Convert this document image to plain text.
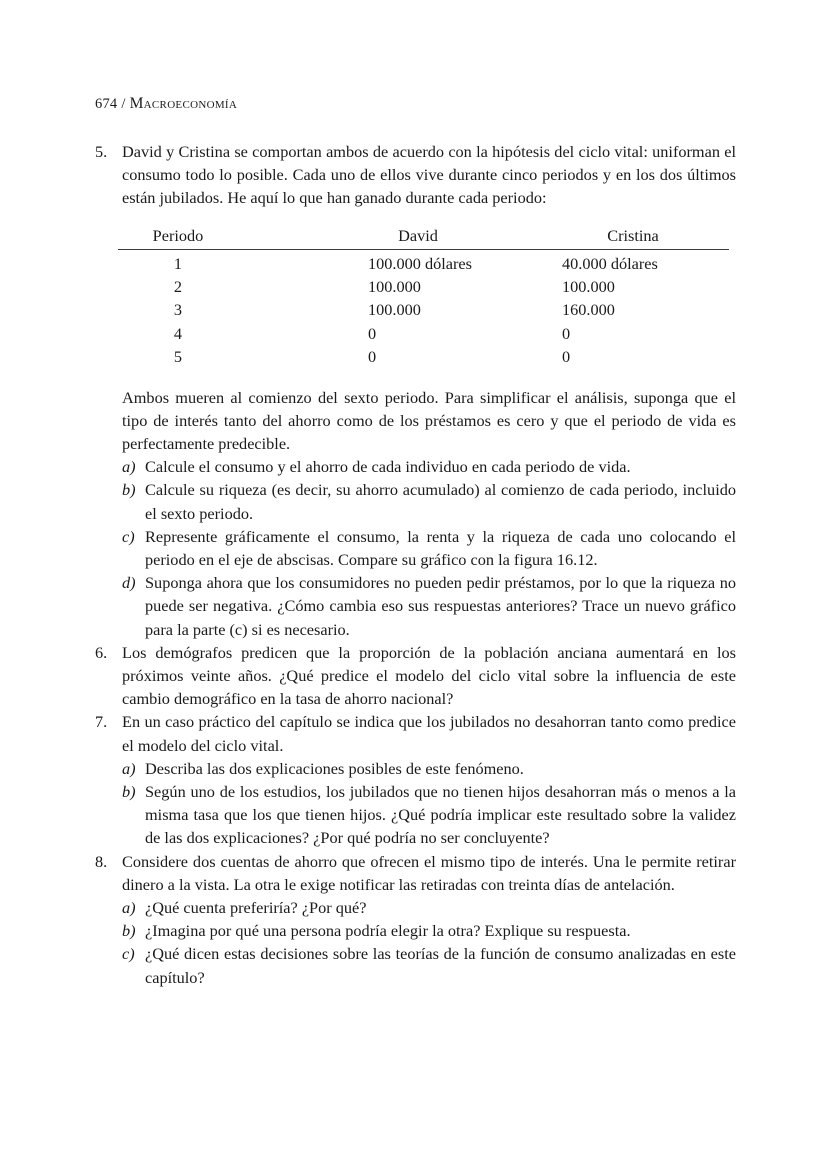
674 / Macroeconomía
5. David y Cristina se comportan ambos de acuerdo con la hipótesis del ciclo vital: uniforman el consumo todo lo posible. Cada uno de ellos vive durante cinco periodos y en los dos últimos están jubilados. He aquí lo que han ganado durante cada periodo:
Periodo	David	Cristina
1	100.000 dólares	40.000 dólares
2	100.000	100.000
3	100.000	160.000
4	0	0
5	0	0
Ambos mueren al comienzo del sexto periodo. Para simplificar el análisis, suponga que el tipo de interés tanto del ahorro como de los préstamos es cero y que el periodo de vida es perfectamente predecible.
a) Calcule el consumo y el ahorro de cada individuo en cada periodo de vida.
b) Calcule su riqueza (es decir, su ahorro acumulado) al comienzo de cada periodo, incluido el sexto periodo.
c) Represente gráficamente el consumo, la renta y la riqueza de cada uno colocando el periodo en el eje de abscisas. Compare su gráfico con la figura 16.12.
d) Suponga ahora que los consumidores no pueden pedir préstamos, por lo que la riqueza no puede ser negativa. ¿Cómo cambia eso sus respuestas anteriores? Trace un nuevo gráfico para la parte (c) si es necesario.
6. Los demógrafos predicen que la proporción de la población anciana aumentará en los próximos veinte años. ¿Qué predice el modelo del ciclo vital sobre la influencia de este cambio demográfico en la tasa de ahorro nacional?
7. En un caso práctico del capítulo se indica que los jubilados no desahorran tanto como predice el modelo del ciclo vital.
a) Describa las dos explicaciones posibles de este fenómeno.
b) Según uno de los estudios, los jubilados que no tienen hijos desahorran más o menos a la misma tasa que los que tienen hijos. ¿Qué podría implicar este resultado sobre la validez de las dos explicaciones? ¿Por qué podría no ser concluyente?
8. Considere dos cuentas de ahorro que ofrecen el mismo tipo de interés. Una le permite retirar dinero a la vista. La otra le exige notificar las retiradas con treinta días de antelación.
a) ¿Qué cuenta preferiría? ¿Por qué?
b) ¿Imagina por qué una persona podría elegir la otra? Explique su respuesta.
c) ¿Qué dicen estas decisiones sobre las teorías de la función de consumo analizadas en este capítulo?
